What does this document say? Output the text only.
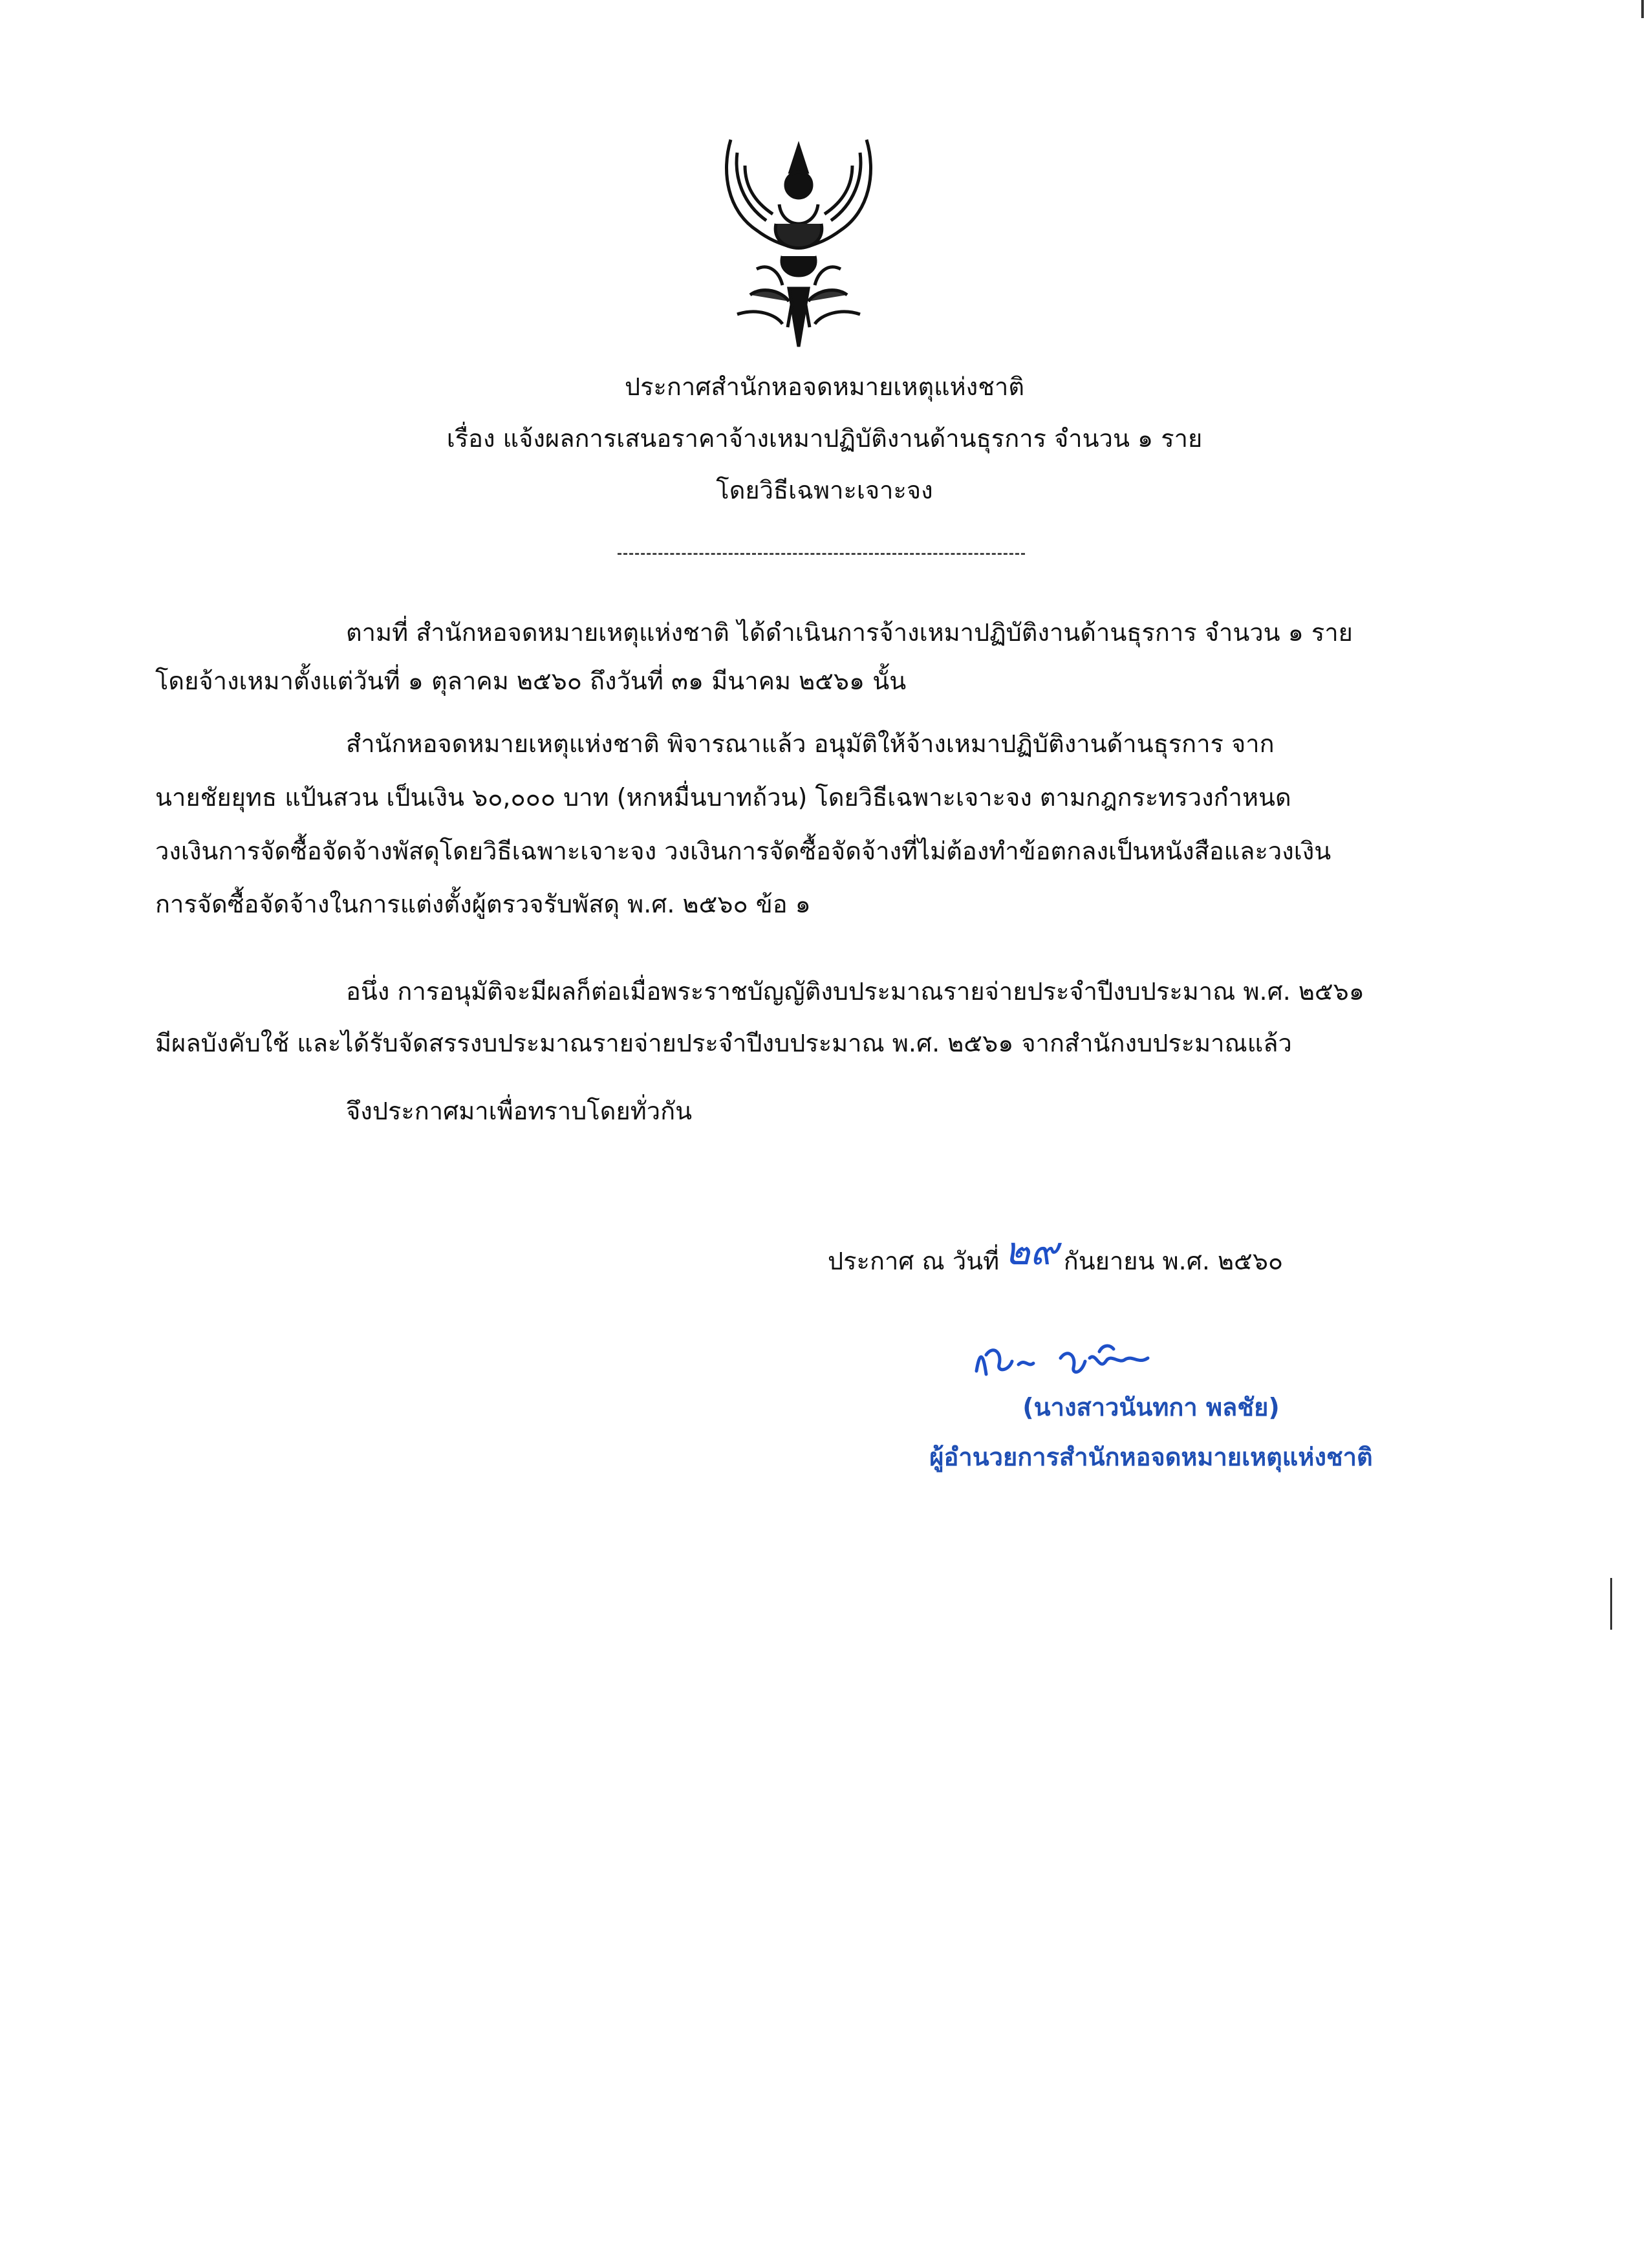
ประกาศสำนักหอจดหมายเหตุแห่งชาติ
เรื่อง แจ้งผลการเสนอราคาจ้างเหมาปฏิบัติงานด้านธุรการ จำนวน ๑ ราย
โดยวิธีเฉพาะเจาะจง
ตามที่ สำนักหอจดหมายเหตุแห่งชาติ ได้ดำเนินการจ้างเหมาปฏิบัติงานด้านธุรการ จำนวน ๑ ราย
โดยจ้างเหมาตั้งแต่วันที่ ๑ ตุลาคม ๒๕๖๐ ถึงวันที่ ๓๑ มีนาคม ๒๕๖๑ นั้น
สำนักหอจดหมายเหตุแห่งชาติ พิจารณาแล้ว อนุมัติให้จ้างเหมาปฏิบัติงานด้านธุรการ จาก
นายชัยยุทธ แป้นสวน เป็นเงิน ๖๐,๐๐๐ บาท (หกหมื่นบาทถ้วน) โดยวิธีเฉพาะเจาะจง ตามกฎกระทรวงกำหนด
วงเงินการจัดซื้อจัดจ้างพัสดุโดยวิธีเฉพาะเจาะจง วงเงินการจัดซื้อจัดจ้างที่ไม่ต้องทำข้อตกลงเป็นหนังสือและวงเงิน
การจัดซื้อจัดจ้างในการแต่งตั้งผู้ตรวจรับพัสดุ พ.ศ. ๒๕๖๐ ข้อ ๑
อนึ่ง การอนุมัติจะมีผลก็ต่อเมื่อพระราชบัญญัติงบประมาณรายจ่ายประจำปีงบประมาณ พ.ศ. ๒๕๖๑
มีผลบังคับใช้ และได้รับจัดสรรงบประมาณรายจ่ายประจำปีงบประมาณ พ.ศ. ๒๕๖๑ จากสำนักงบประมาณแล้ว
จึงประกาศมาเพื่อทราบโดยทั่วกัน
ประกาศ ณ วันที่ ๒๙ กันยายน พ.ศ. ๒๕๖๐
(นางสาวนันทกา พลชัย)
ผู้อำนวยการสำนักหอจดหมายเหตุแห่งชาติ
